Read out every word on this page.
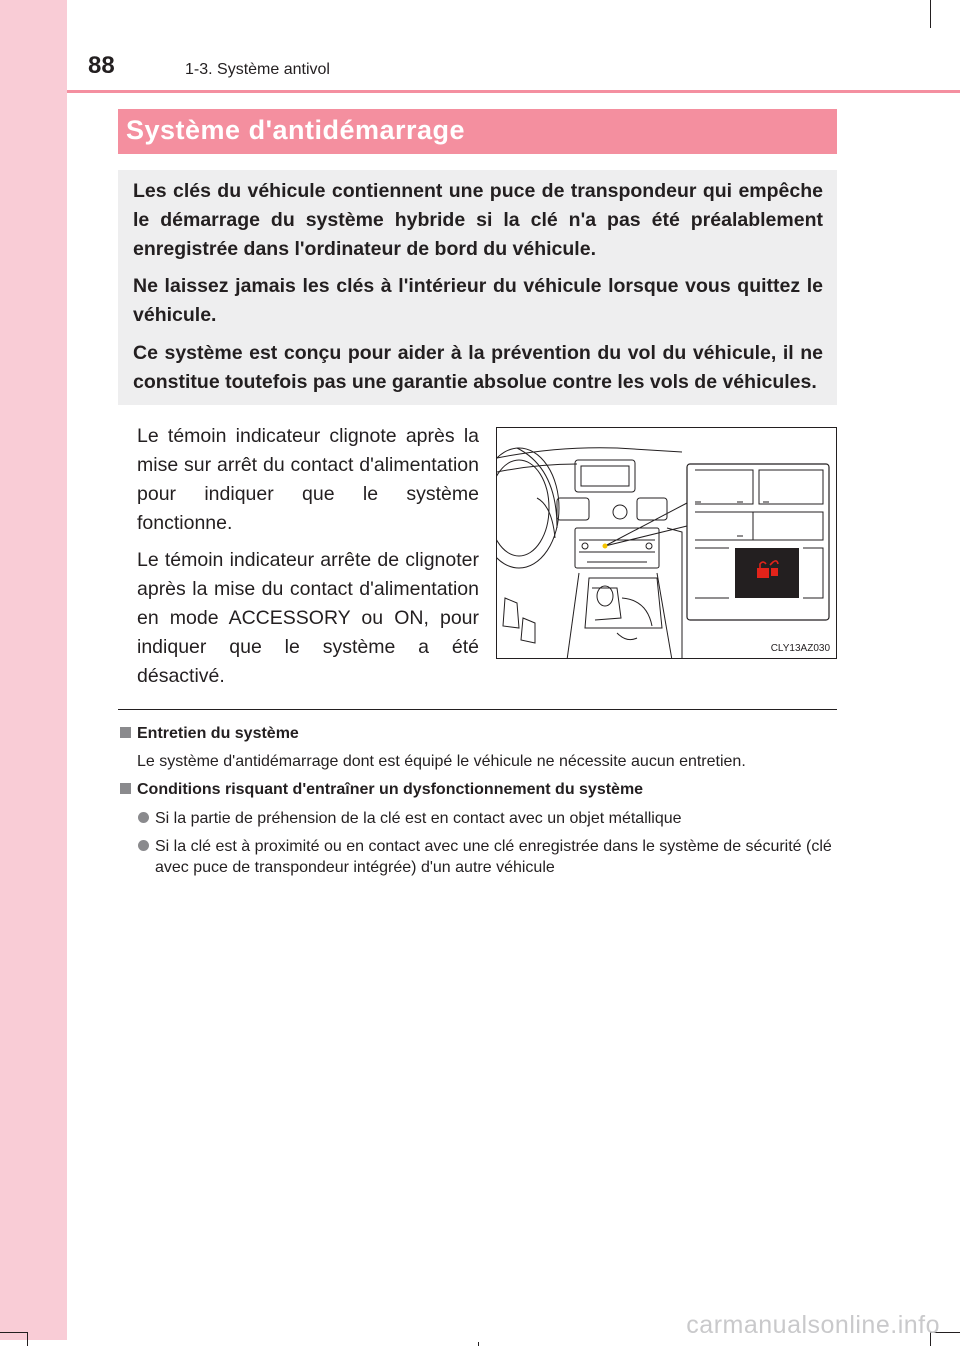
88	1-3. Système antivol
Système d'antidémarrage

Les clés du véhicule contiennent une puce de transpondeur qui empêche le démarrage du système hybride si la clé n'a pas été préalablement enregistrée dans l'ordinateur de bord du véhicule.

Ne laissez jamais les clés à l'intérieur du véhicule lorsque vous quittez le véhicule.

Ce système est conçu pour aider à la prévention du vol du véhicule, il ne constitue toutefois pas une garantie absolue contre les vols de véhicules.

Le témoin indicateur clignote après la mise sur arrêt du contact d'alimentation pour indiquer que le système fonctionne.

Le témoin indicateur arrête de clignoter après la mise du contact d'alimentation en mode ACCESSORY ou ON, pour indiquer que le système a été désactivé.

CLY13AZ030
Entretien du système
Le système d'antidémarrage dont est équipé le véhicule ne nécessite aucun entretien.
Conditions risquant d'entraîner un dysfonctionnement du système
Si la partie de préhension de la clé est en contact avec un objet métallique
Si la clé est à proximité ou en contact avec une clé enregistrée dans le système de sécurité (clé avec puce de transpondeur intégrée) d'un autre véhicule
carmanualsonline.info
